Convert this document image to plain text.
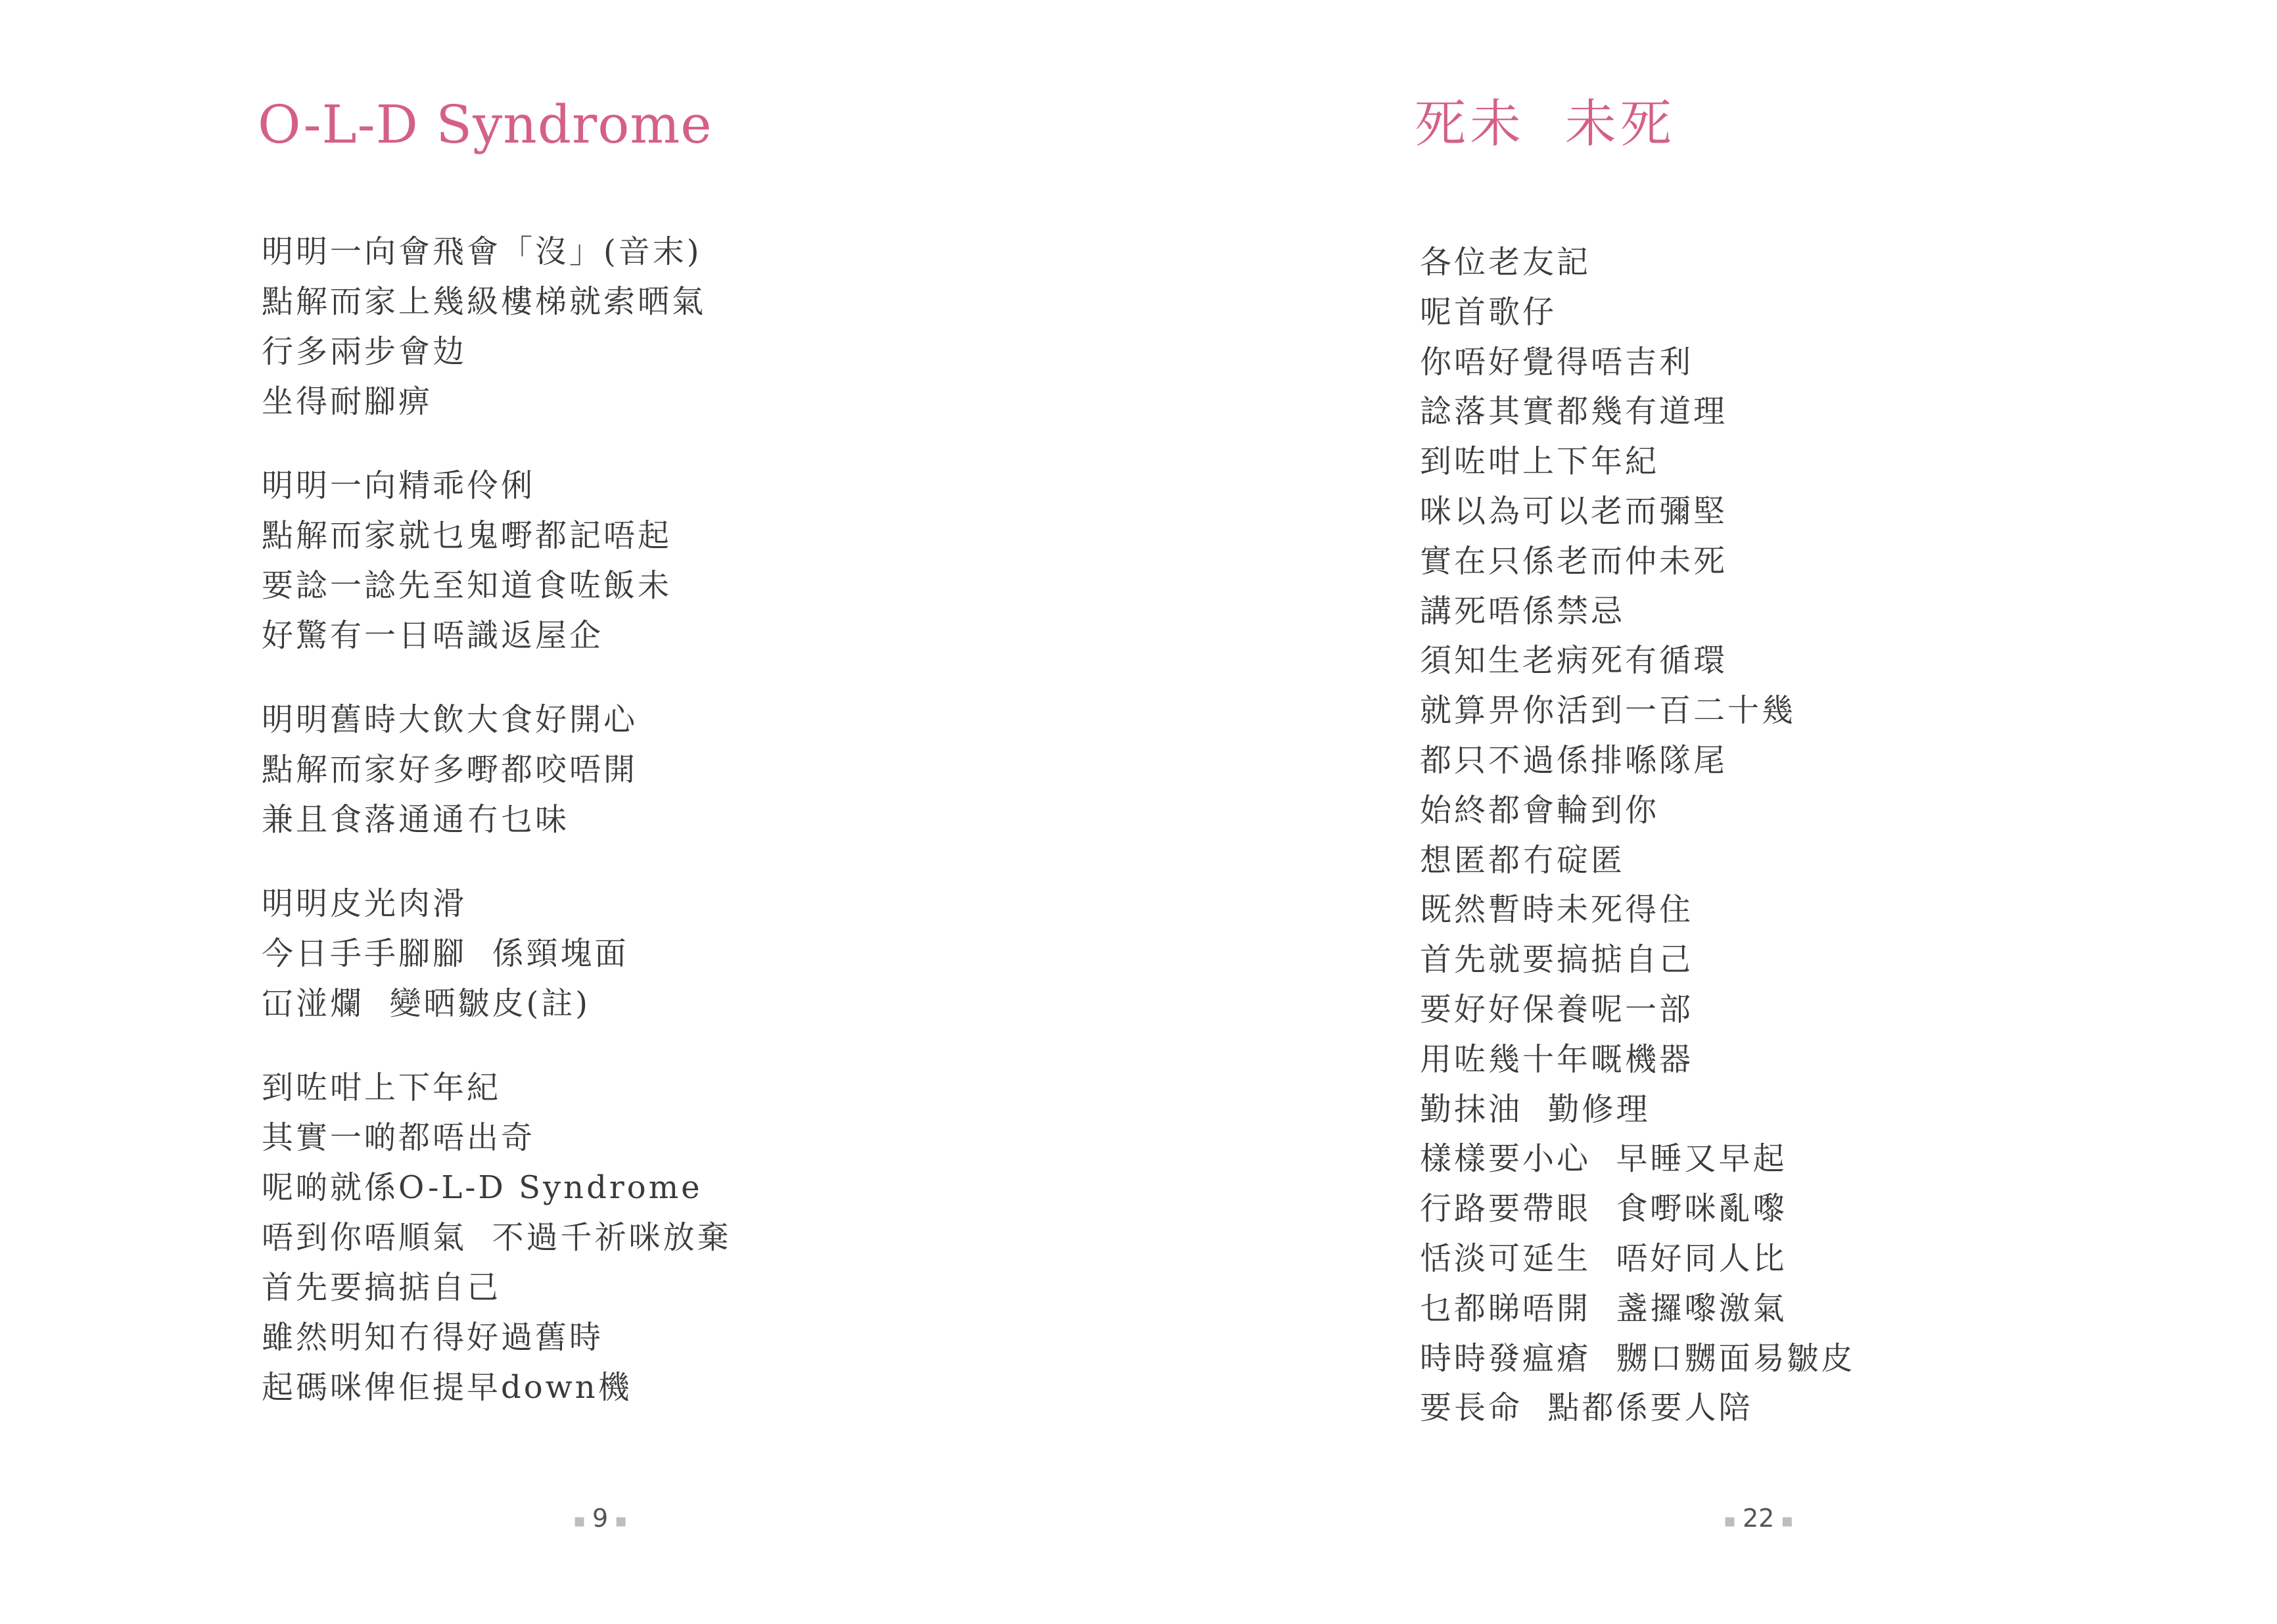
O-L-D Syndrome

明明一向會飛會「沒」(音末)
點解而家上幾級樓梯就索晒氣
行多兩步會攰
坐得耐腳痹

明明一向精乖伶俐
點解而家就乜鬼嘢都記唔起
要諗一諗先至知道食咗飯未
好驚有一日唔識返屋企

明明舊時大飲大食好開心
點解而家好多嘢都咬唔開
兼且食落通通冇乜味

明明皮光肉滑
今日手手腳腳  係頸塊面
冚湴爛  變晒皺皮(註)

到咗咁上下年紀
其實一啲都唔出奇
呢啲就係O-L-D Syndrome
唔到你唔順氣  不過千祈咪放棄
首先要搞掂自己
雖然明知冇得好過舊時
起碼咪俾佢提早down機

▪ 9 ▪
死未 未死

各位老友記
呢首歌仔
你唔好覺得唔吉利
諗落其實都幾有道理
到咗咁上下年紀
咪以為可以老而彌堅
實在只係老而仲未死
講死唔係禁忌
須知生老病死有循環
就算畀你活到一百二十幾
都只不過係排喺隊尾
始終都會輪到你
想匿都冇碇匿
既然暫時未死得住
首先就要搞掂自己
要好好保養呢一部
用咗幾十年嘅機器
勤抹油  勤修理
樣樣要小心  早睡又早起
行路要帶眼  食嘢咪亂嚟
恬淡可延生  唔好同人比
乜都睇唔開  盞攞嚟激氣
時時發瘟瘡  嬲口嬲面易皺皮
要長命  點都係要人陪

▪ 22 ▪
